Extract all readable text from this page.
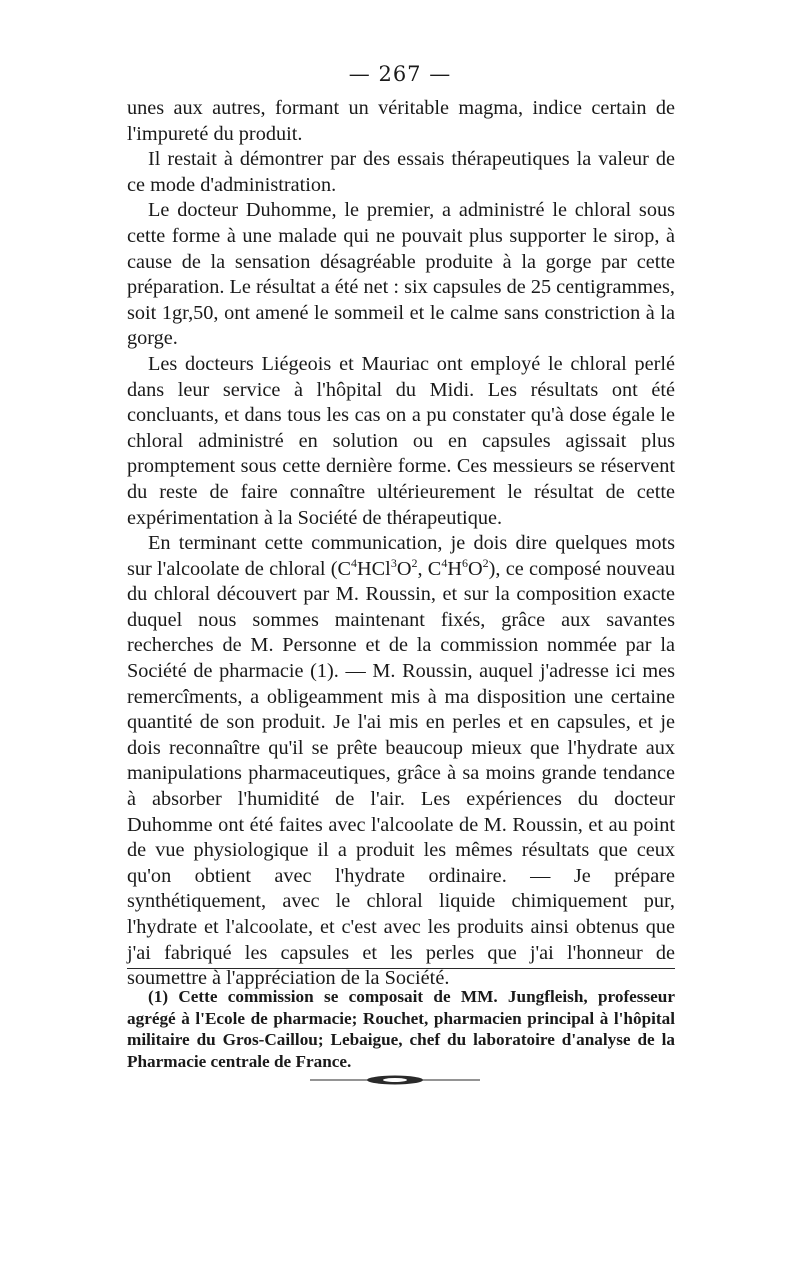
— 267 —

unes aux autres, formant un véritable magma, indice certain de l'impureté du produit.

Il restait à démontrer par des essais thérapeutiques la valeur de ce mode d'administration.

Le docteur Duhomme, le premier, a administré le chloral sous cette forme à une malade qui ne pouvait plus supporter le sirop, à cause de la sensation désagréable produite à la gorge par cette préparation. Le résultat a été net : six capsules de 25 centigrammes, soit 1gr,50, ont amené le sommeil et le calme sans constriction à la gorge.

Les docteurs Liégeois et Mauriac ont employé le chloral perlé dans leur service à l'hôpital du Midi. Les résultats ont été concluants, et dans tous les cas on a pu constater qu'à dose égale le chloral administré en solution ou en capsules agissait plus promptement sous cette dernière forme. Ces messieurs se réservent du reste de faire connaître ultérieurement le résultat de cette expérimentation à la Société de thérapeutique.

En terminant cette communication, je dois dire quelques mots sur l'alcoolate de chloral ($C^4HCl^3O^2$, $C^4H^6O^2$), ce composé nouveau du chloral découvert par M. Roussin, et sur la composition exacte duquel nous sommes maintenant fixés, grâce aux savantes recherches de M. Personne et de la commission nommée par la Société de pharmacie (1). — M. Roussin, auquel j'adresse ici mes remercîments, a obligeamment mis à ma disposition une certaine quantité de son produit. Je l'ai mis en perles et en capsules, et je dois reconnaître qu'il se prête beaucoup mieux que l'hydrate aux manipulations pharmaceutiques, grâce à sa moins grande tendance à absorber l'humidité de l'air. Les expériences du docteur Duhomme ont été faites avec l'alcoolate de M. Roussin, et au point de vue physiologique il a produit les mêmes résultats que ceux qu'on obtient avec l'hydrate ordinaire. — Je prépare synthétiquement, avec le chloral liquide chimiquement pur, l'hydrate et l'alcoolate, et c'est avec les produits ainsi obtenus que j'ai fabriqué les capsules et les perles que j'ai l'honneur de soumettre à l'appréciation de la Société.

(1) Cette commission se composait de MM. Jungfleish, professeur agrégé à l'Ecole de pharmacie; Rouchet, pharmacien principal à l'hôpital militaire du Gros-Caillou; Lebaigue, chef du laboratoire d'analyse de la Pharmacie centrale de France.
